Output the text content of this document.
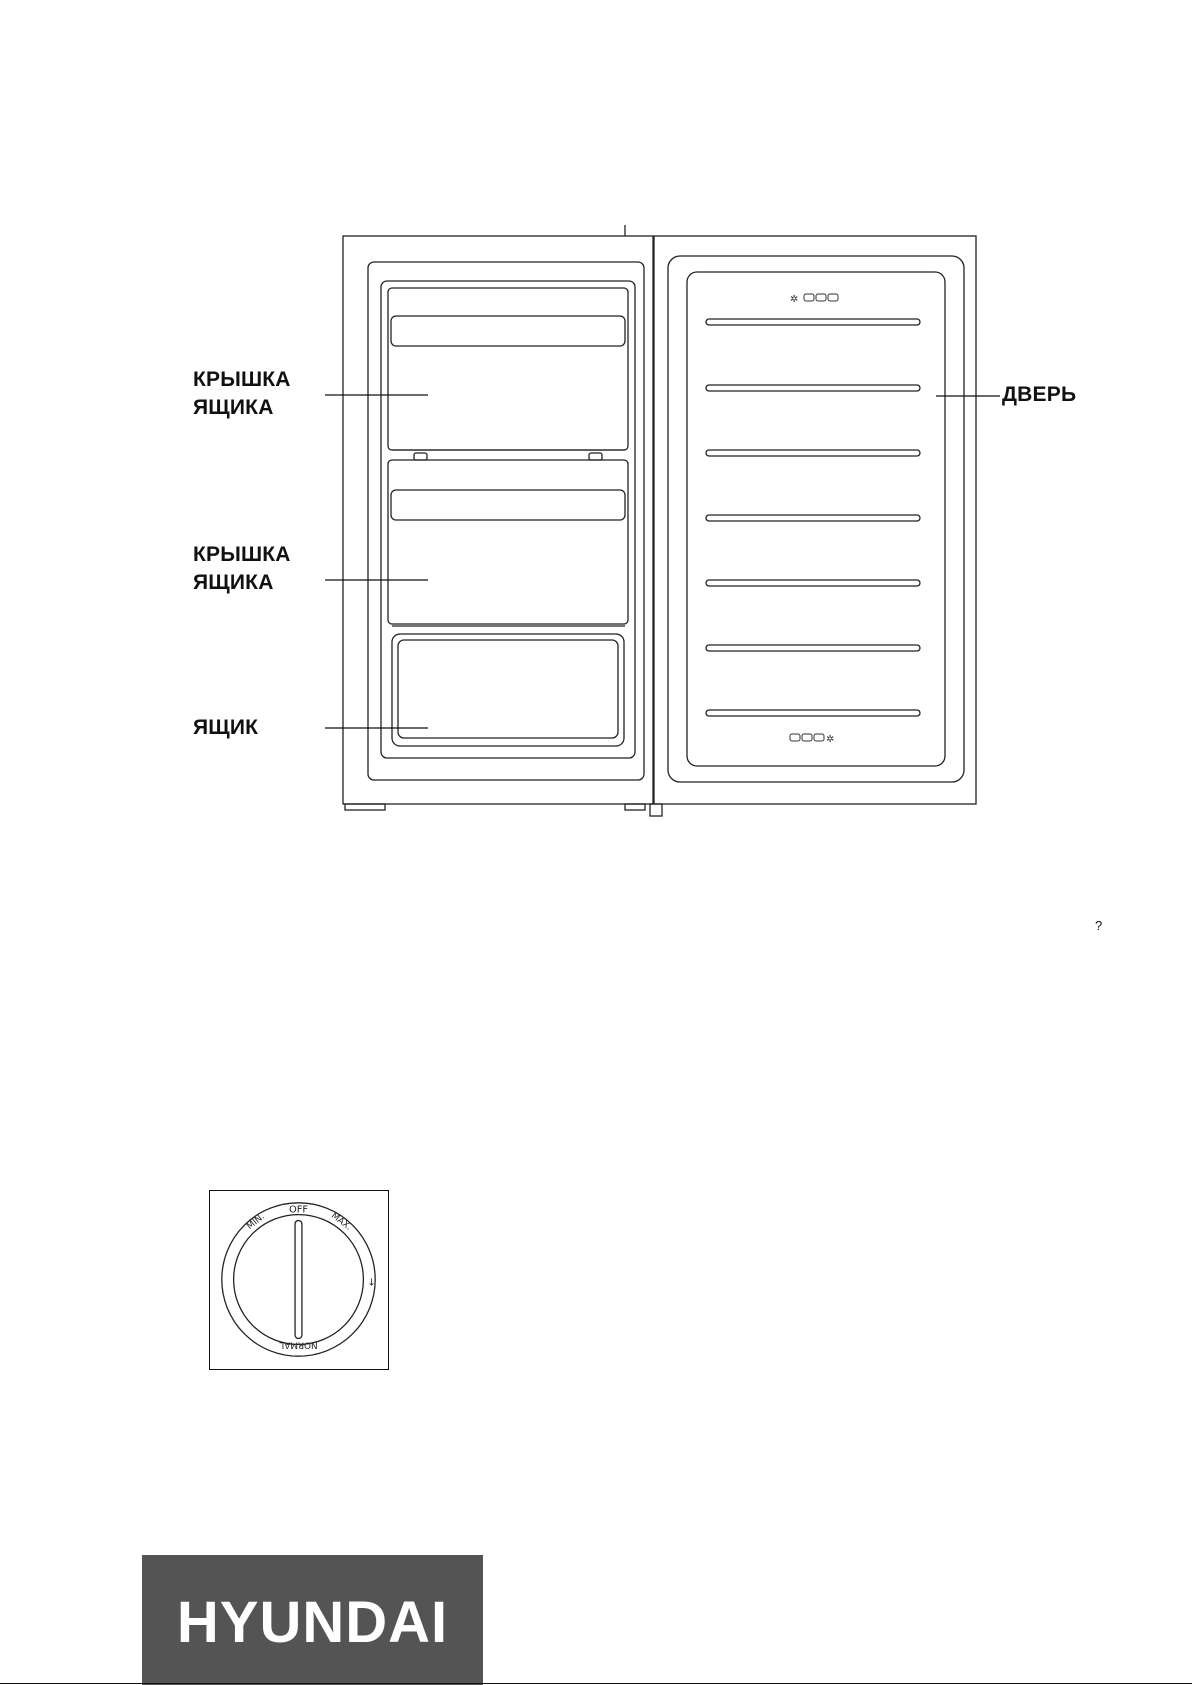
✲
✲
КРЫШКА
ЯЩИКА
КРЫШКА
ЯЩИКА
ЯЩИК
ДВЕРЬ
?
OFF
MIN.	MAX.
NORMAL
↓
HYUNDAI
